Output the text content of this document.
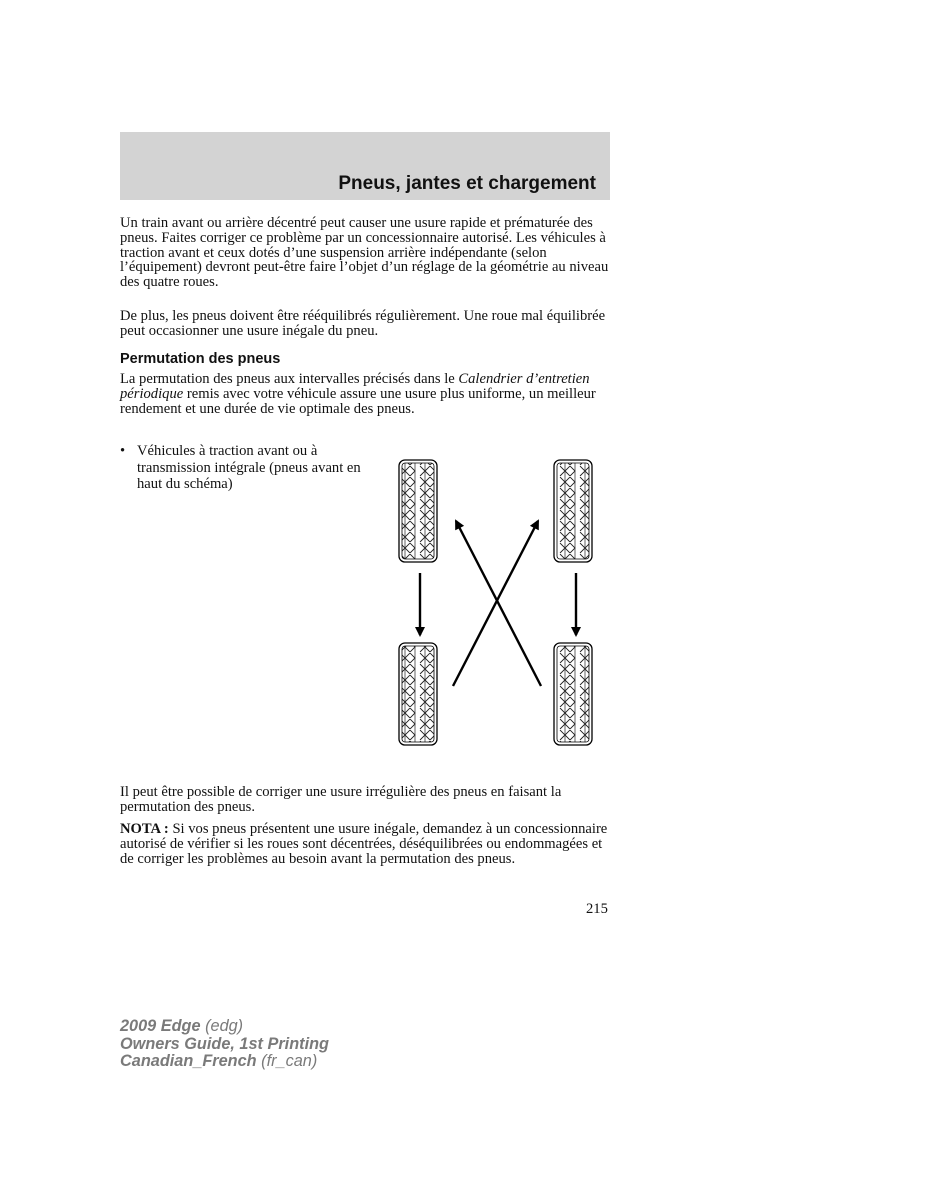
Pneus, jantes et chargement

Un train avant ou arrière décentré peut causer une usure rapide et prématurée des pneus. Faites corriger ce problème par un concessionnaire autorisé. Les véhicules à traction avant et ceux dotés d’une suspension arrière indépendante (selon l’équipement) devront peut-être faire l’objet d’un réglage de la géométrie au niveau des quatre roues.

De plus, les pneus doivent être rééquilibrés régulièrement. Une roue mal équilibrée peut occasionner une usure inégale du pneu.

Permutation des pneus

La permutation des pneus aux intervalles précisés dans le Calendrier d’entretien périodique remis avec votre véhicule assure une usure plus uniforme, un meilleur rendement et une durée de vie optimale des pneus.

• Véhicules à traction avant ou à transmission intégrale (pneus avant en haut du schéma)

Il peut être possible de corriger une usure irrégulière des pneus en faisant la permutation des pneus.

NOTA : Si vos pneus présentent une usure inégale, demandez à un concessionnaire autorisé de vérifier si les roues sont décentrées, déséquilibrées ou endommagées et de corriger les problèmes au besoin avant la permutation des pneus.

215
2009 Edge (edg)
Owners Guide, 1st Printing
Canadian_French (fr_can)
